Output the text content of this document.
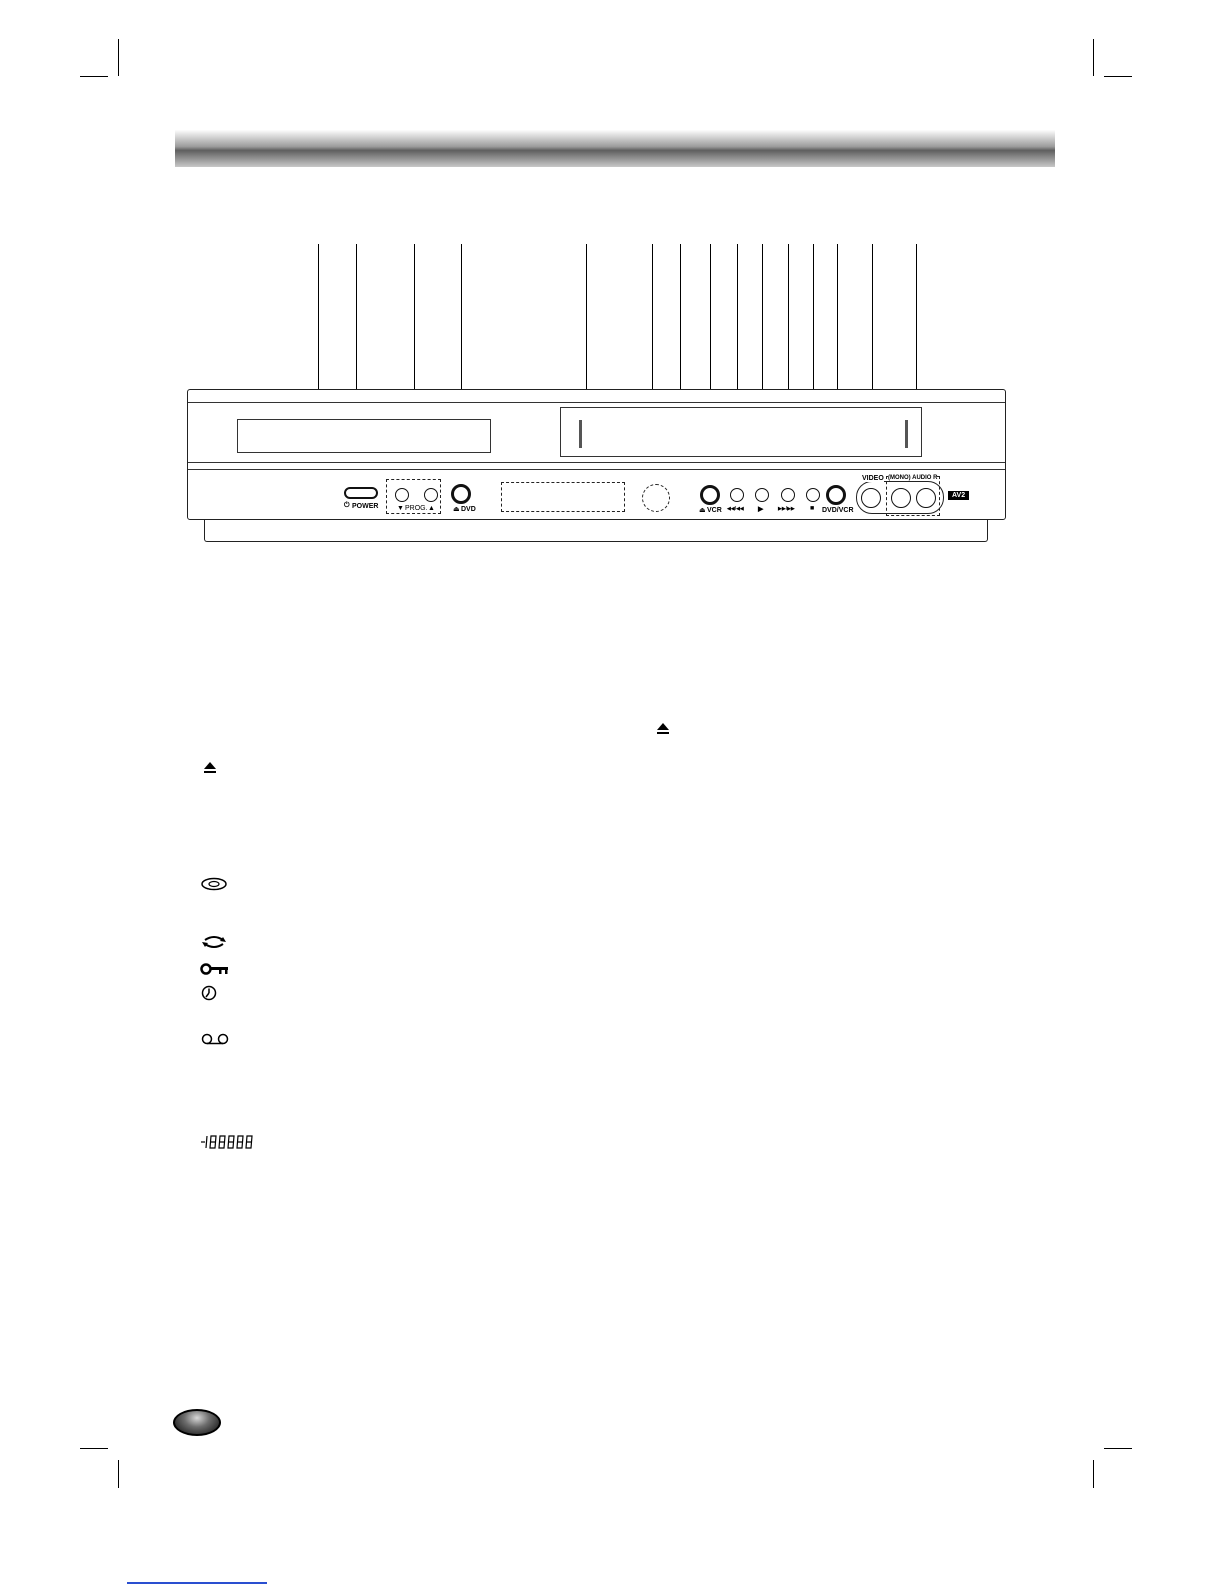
POWER
⏻	▼ PROG. ▲	⏏ DVD	⏏ VCR ◀◀/◀◀ ▶	▶▶/▶▶ ■ DVD/VCR
VIDEO (MONO) AUDIO R
AV2
